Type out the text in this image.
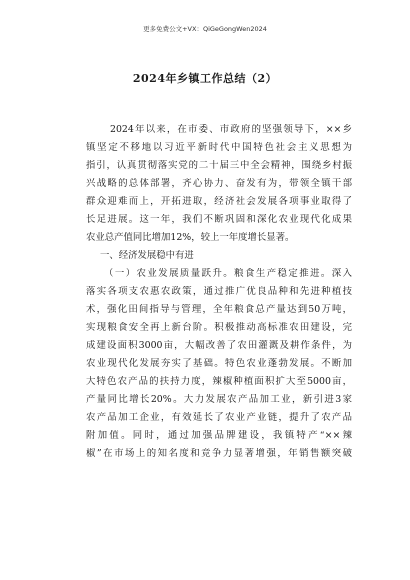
更多免费公文+VX：QiGeGongWen2024
2024年乡镇工作总结（2）
2024年以来，在市委、市政府的坚强领导下，××乡
镇坚定不移地以习近平新时代中国特色社会主义思想为
指引，认真贯彻落实党的二十届三中全会精神，围绕乡村振
兴战略的总体部署，齐心协力、奋发有为，带领全镇干部
群众迎难而上，开拓进取，经济社会发展各项事业取得了
长足进展。这一年，我们不断巩固和深化农业现代化成果
农业总产值同比增加12%，较上一年度增长显著。
一、经济发展稳中有进
（一）农业发展质量跃升。粮食生产稳定推进。深入
落实各项支农惠农政策，通过推广优良品种和先进种植技
术，强化田间指导与管理，全年粮食总产量达到50万吨，
实现粮食安全再上新台阶。积极推动高标准农田建设，完
成建设面积3000亩，大幅改善了农田灌溉及耕作条件，为
农业现代化发展夯实了基础。特色农业蓬勃发展。不断加
大特色农产品的扶持力度，辣椒种植面积扩大至5000亩，
产量同比增长20%。大力发展农产品加工业，新引进3家
农产品加工企业，有效延长了农业产业链，提升了农产品
附加值。同时，通过加强品牌建设，我镇特产“××辣
椒”在市场上的知名度和竞争力显著增强，年销售额突破
